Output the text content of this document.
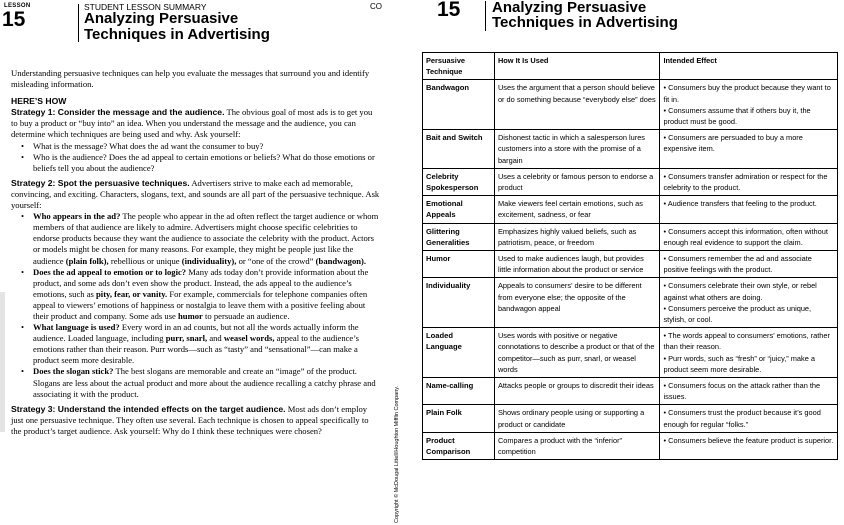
LESSON
15
STUDENT LESSON SUMMARY
Analyzing Persuasive
Techniques in Advertising
CO	15 Analyzing Persuasive
Techniques in Advertising

Understanding persuasive techniques can help you evaluate the messages that surround you and identify misleading information.

HERE’S HOW

Strategy 1: Consider the message and the audience. The obvious goal of most ads is to get you to buy a product or “buy into” an idea. When you understand the message and the audience, you can determine which techniques are being used and why. Ask yourself:

• What is the message? What does the ad want the consumer to buy?
• Who is the audience? Does the ad appeal to certain emotions or beliefs? What do those emotions or beliefs tell you about the audience?

Strategy 2: Spot the persuasive techniques. Advertisers strive to make each ad memorable, convincing, and exciting. Characters, slogans, text, and sounds are all part of the persuasive technique. Ask yourself:

• Who appears in the ad? The people who appear in the ad often reflect the target audience or whom members of that audience are likely to admire. Advertisers might choose specific celebrities to endorse products because they want the audience to associate the celebrity with the product. Actors or models might be chosen for many reasons. For example, they might be people just like the audience (plain folk), rebellious or unique (individuality), or “one of the crowd” (bandwagon).
• Does the ad appeal to emotion or to logic? Many ads today don’t provide information about the product, and some ads don’t even show the product. Instead, the ads appeal to the audience’s emotions, such as pity, fear, or vanity. For example, commercials for telephone companies often appeal to viewers’ emotions of happiness or nostalgia to leave them with a positive feeling about their product and company. Some ads use humor to persuade an audience.
• What language is used? Every word in an ad counts, but not all the words actually inform the audience. Loaded language, including purr, snarl, and weasel words, appeal to the audience’s emotions rather than their reason. Purr words—such as “tasty” and “sensational”—can make a product seem more desirable.
• Does the slogan stick? The best slogans are memorable and create an “image” of the product. Slogans are less about the actual product and more about the audience recalling a catchy phrase and associating it with the product.

Strategy 3: Understand the intended effects on the target audience. Most ads don’t employ just one persuasive technique. They often use several. Each technique is chosen to appeal specifically to the product’s target audience. Ask yourself: Why do I think these techniques were chosen?	Copyright © McDougal Littell/Houghton Mifflin Company.
Persuasive Technique	How It Is Used	Intended Effect
Bandwagon	Uses the argument that a person should believe or do something because “everybody else” does	• Consumers buy the product because they want to fit in.
• Consumers assume that if others buy it, the product must be good.

Bait and Switch	Dishonest tactic in which a salesperson lures customers into a store with the promise of a bargain	• Consumers are persuaded to buy a more expensive item.

Celebrity Spokesperson	Uses a celebrity or famous person to endorse a product	• Consumers transfer admiration or respect for the celebrity to the product.

Emotional Appeals	Make viewers feel certain emotions, such as excitement, sadness, or fear	• Audience transfers that feeling to the product.

Glittering Generalities	Emphasizes highly valued beliefs, such as patriotism, peace, or freedom	• Consumers accept this information, often without enough real evidence to support the claim.

Humor	Used to make audiences laugh, but provides little information about the product or service	• Consumers remember the ad and associate positive feelings with the product.

Individuality	Appeals to consumers’ desire to be different from everyone else; the opposite of the bandwagon appeal	• Consumers celebrate their own style, or rebel against what others are doing.
• Consumers perceive the product as unique, stylish, or cool.

Loaded Language	Uses words with positive or negative connotations to describe a product or that of the competitor—such as purr, snarl, or weasel words	• The words appeal to consumers’ emotions, rather than their reason.
• Purr words, such as “fresh” or “juicy,” make a product seem more desirable.

Name-calling	Attacks people or groups to discredit their ideas	• Consumers focus on the attack rather than the issues.

Plain Folk	Shows ordinary people using or supporting a product or candidate	• Consumers trust the product because it’s good enough for regular “folks.”

Product Comparison	Compares a product with the “inferior” competition	• Consumers believe the feature product is superior.
